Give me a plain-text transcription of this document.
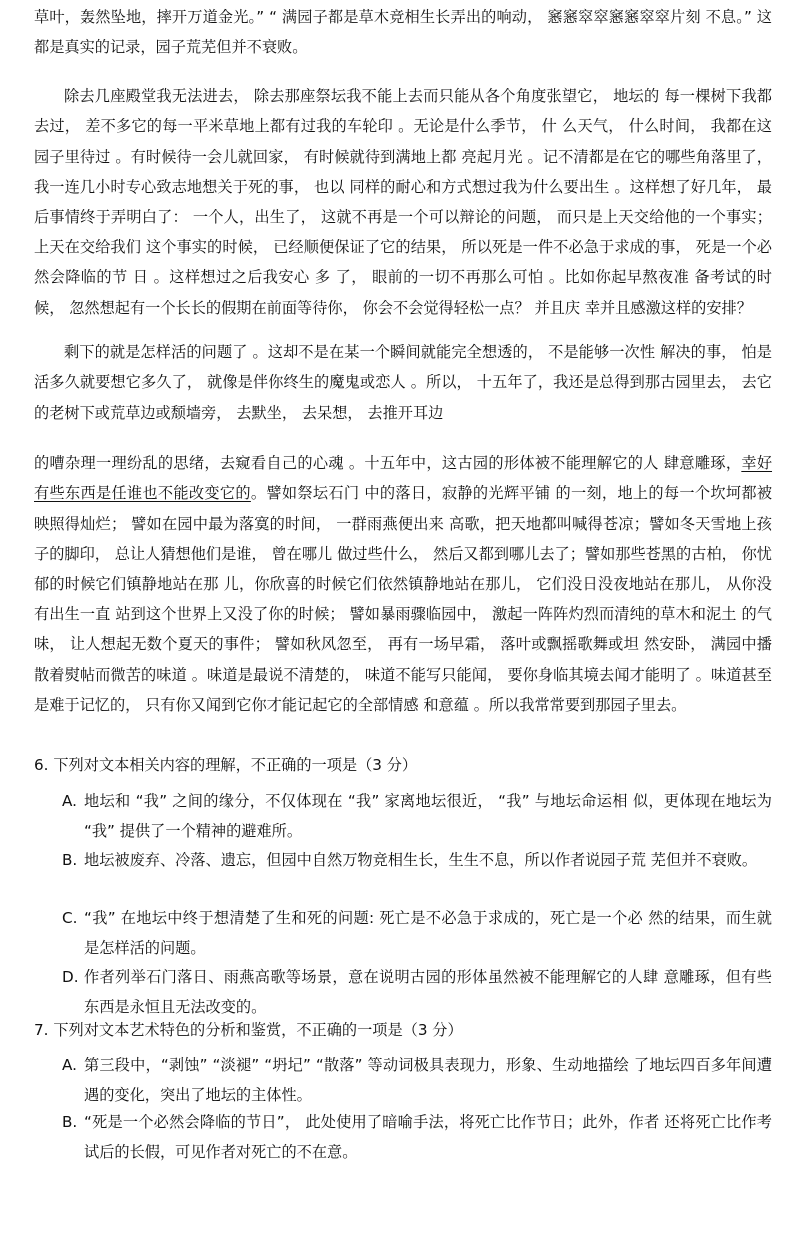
草叶，轰然坠地，摔开万道金光。” “ 满园子都是草木竞相生长弄出的响动， 窸窸窣窣窸窸窣窣片刻 不息。” 这都是真实的记录，园子荒芜但并不衰败。

除去几座殿堂我无法进去， 除去那座祭坛我不能上去而只能从各个角度张望它， 地坛的 每一棵树下我都去过， 差不多它的每一平米草地上都有过我的车轮印 。无论是什么季节， 什 么天气， 什么时间， 我都在这园子里待过 。有时候待一会儿就回家， 有时候就待到满地上都 亮起月光 。记不清都是在它的哪些角落里了， 我一连几小时专心致志地想关于死的事， 也以 同样的耐心和方式想过我为什么要出生 。这样想了好几年， 最后事情终于弄明白了： 一个人，出生了， 这就不再是一个可以辩论的问题， 而只是上天交给他的一个事实； 上天在交给我们 这个事实的时候， 已经顺便保证了它的结果， 所以死是一件不必急于求成的事， 死是一个必 然会降临的节 日 。这样想过之后我安心 多 了， 眼前的一切不再那么可怕 。比如你起早熬夜准 备考试的时候， 忽然想起有一个长长的假期在前面等待你， 你会不会觉得轻松一点？ 并且庆 幸并且感激这样的安排？

剩下的就是怎样活的问题了 。这却不是在某一个瞬间就能完全想透的， 不是能够一次性 解决的事， 怕是活多久就要想它多久了， 就像是伴你终生的魔鬼或恋人 。所以， 十五年了，我还是总得到那古园里去， 去它的老树下或荒草边或颓墙旁， 去默坐， 去呆想， 去推开耳边

的嘈杂理一理纷乱的思绪，去窥看自己的心魂 。十五年中，这古园的形体被不能理解它的人 肆意雕琢，幸好有些东西是任谁也不能改变它的。譬如祭坛石门 中的落日，寂静的光辉平铺 的一刻，地上的每一个坎坷都被映照得灿烂； 譬如在园中最为落寞的时间， 一群雨燕便出来 高歌，把天地都叫喊得苍凉；譬如冬天雪地上孩子的脚印， 总让人猜想他们是谁， 曾在哪儿 做过些什么， 然后又都到哪儿去了；譬如那些苍黑的古柏， 你忧郁的时候它们镇静地站在那 儿，你欣喜的时候它们依然镇静地站在那儿， 它们没日没夜地站在那儿， 从你没有出生一直 站到这个世界上又没了你的时候； 譬如暴雨骤临园中， 激起一阵阵灼烈而清纯的草木和泥土 的气味， 让人想起无数个夏天的事件； 譬如秋风忽至， 再有一场早霜， 落叶或飘摇歌舞或坦 然安卧， 满园中播散着熨帖而微苦的味道 。味道是最说不清楚的， 味道不能写只能闻， 要你身临其境去闻才能明了 。味道甚至是难于记忆的， 只有你又闻到它你才能记起它的全部情感 和意蕴 。所以我常常要到那园子里去。

6. 下列对文本相关内容的理解，不正确的一项是（3 分）
A. 地坛和 “我” 之间的缘分，不仅体现在 “我” 家离地坛很近， “我” 与地坛命运相 似，更体现在地坛为 “我” 提供了一个精神的避难所。
B. 地坛被废弃、冷落、遗忘，但园中自然万物竞相生长，生生不息，所以作者说园子荒 芜但并不衰败。
C. “我” 在地坛中终于想清楚了生和死的问题: 死亡是不必急于求成的，死亡是一个必 然的结果，而生就是怎样活的问题。
D. 作者列举石门落日、雨燕高歌等场景，意在说明古园的形体虽然被不能理解它的人肆 意雕琢，但有些东西是永恒且无法改变的。
7. 下列对文本艺术特色的分析和鉴赏，不正确的一项是（3 分）
A. 第三段中，“剥蚀” “淡褪” “坍圮” “散落” 等动词极具表现力，形象、生动地描绘 了地坛四百多年间遭遇的变化，突出了地坛的主体性。
B. “死是一个必然会降临的节日”， 此处使用了暗喻手法，将死亡比作节日；此外，作者 还将死亡比作考试后的长假，可见作者对死亡的不在意。
